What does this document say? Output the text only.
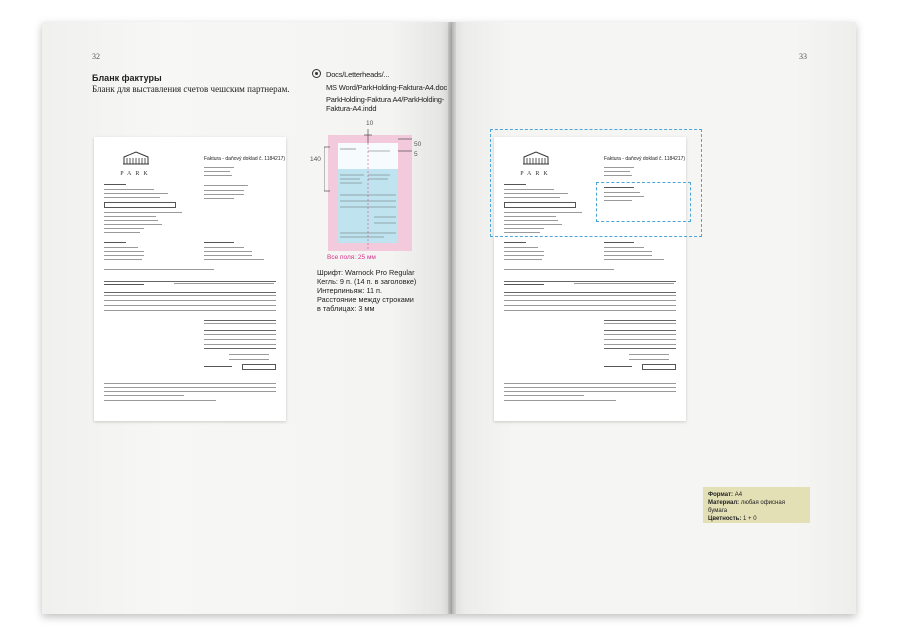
32	33
Бланк фактуры
Бланк для выставления счетов чешским партнерам.
Docs/Letterheads/...
MS Word/ParkHolding-Faktura-A4.doc
ParkHolding-Faktura A4/ParkHolding-
Faktura-A4.indd
PARK
Faktura - daňový doklad č. 1184217)
10
50
5
140
Все поля: 25 мм
Шрифт: Warnock Pro Regular
Кегль: 9 п. (14 п. в заголовке)
Интерлиньяж: 11 п.
Расстояние между строками
в таблицах: 3 мм
PARK
Faktura - daňový doklad č. 1184217)
Формат: А4
Материал: любая офисная бумага
Цветность: 1 + 0
